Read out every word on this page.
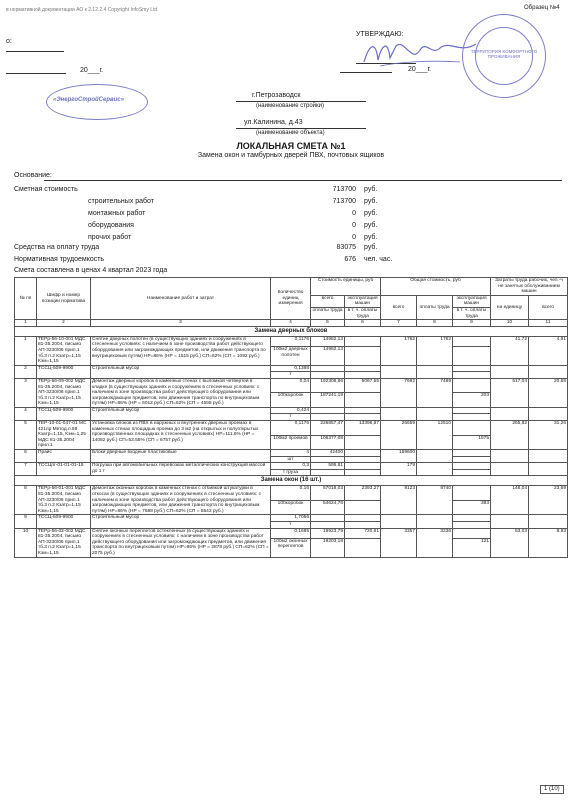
в нормативной документации АО к 2.12.2.4 Copyright InfoSmy Ltd.	Образец №4
о:
20___г.
УТВЕРЖДАЮ:
20___г.
«ЭнергоСтройСервис»
ТЕРРИТОРИЯ КОМФОРТНОГО ПРОЖИВАНИЯ
г.Петрозаводск
(наименование стройки)
ул.Калинина, д.43
(наименование объекта)
ЛОКАЛЬНАЯ СМЕТА №1
Замена окон и тамбурных дверей ПВХ, почтовых ящиков
Основание:
Сметная стоимость	713700 руб.
строительных работ	713700 руб.
монтажных работ	0 руб.
оборудования	0 руб.
прочих работ	0 руб.
Средства на оплату труда	83075 руб.
Нормативная трудоемкость	676 чел. час.
Смета составлена в ценах 4 квартал 2023 года
№ пп	Шифр и номер позиции норматива	Наименование работ и затрат	Количество единиц измерения	Стоимость единицы, руб		Общая стоимость, руб			Затраты труда рабочих, чел.-ч не занятых обслуживанием машин	
				всего	эксплуатация машин	всего	оплаты труда	эксплуатация машин	на единицу	всего
				оплаты труда	в т. ч. оплаты труда			в т. ч. оплаты труда		
1	2	3	4	5	6	7	8	9	10	11
Замена дверных блоков										
1	ТЕРр-56-10-001 МДС 81-35.2004, письмо АП-3230/06 прил.1 тб.3 п.2 Кзатр=1,15 Кэм=1,15	Снятие дверных полотен (в существующих зданиях и сооружениях в стесненных условиях: с наличием в зоне производства работ действующего оборудования или загромождающих предметов, или движения транспорта по внутрицеховым путям) НР=86% (НР = 1515 руб.) СП=62% (СП = 1092 руб.)	0,1176	14982,13		1762	1762		41,72	4,91
			100м2 дверных полотен	14982,13						
2	ТССЦ-509-9900	Строительный мусор	0,1388							
			т							
3	ТЕРр-56-09-002 МДС 81-35.2004, письмо АП-3230/06 прил.1 тб.3 п.2 Кзатр=1,15 Кэм=1,15	Демонтаж дверных коробок в каменных стенах с выломкой четвертей в кладке (в существующих зданиях и сооружениях в стесненных условиях: с наличием в зоне производства работ действующего оборудования или загромождающих предметов, или движения транспорта по внутрицеховым путям) НР=86% (НР = 6012 руб.) СП=62% (СП = 4595 руб.)	0,04	192308,86	5067,55	7692	7489		517,04	20,68
			100коробок	187241,19				203		
4	ТССЦ-509-9900	Строительный мусор	0,424							
			т							
5	ТЕР-10-01-047-01 МС 421пр Метод.п.58 Кзатр=1,15, Кэм=1,25 МДС 81-35.2004 прил.1	Установка блоков из ПВХ в наружных и внутренних дверных проемах в каменных стенах площадью проема до 3 м2 (на открытых и полуоткрытых производственных площадках в стесненных условиях) НР=111,6% (НР = 14082 руб.) СП=53,55% (СП = 6757 руб.)	0,1176	226857,47	13396,87	26659	12510		265,82	31,26
			100м2 проемов	106377,08				1575		
6	Прайс	Блоки дверные входные пластиковые	4	42400		169600				
			шт							
7	ТССЦпг-01-01-01-15	Погрузка при автомобильных перевозках металлических конструкций массой до 1 т	0,3	595,81		179				
			т груза							
Замена окон (16 шт.)										
8	ТЕРр-56-01-001 МДС 81-35.2004, письмо АП-3230/06 прил.1 тб.3 п.2 Кзатр=1,15 Кэм=1,15	Демонтаж оконных коробок в каменных стенах с отбивкой штукатурки в откосах (в существующих зданиях и сооружениях в стесненных условиях: с наличием в зоне производства работ действующего оборудования или загромождающих предметов, или движения транспорта по внутрицеховым путям) НР=86% (НР = 7688 руб.) СП=62% (СП = 5543 руб.)	0,16	57018,03	2393,27	9123	8740		148,04	23,69
			100коробок	54624,76				383		
9	ТССЦ-509-9900	Строительный мусор	1,7056							
			т							
10	ТЕРр-56-02-002 МДС 81-35.2004, письмо АП-3230/06 прил.1 тб.3 п.2 Кзатр=1,15 Кэм=1,15	Снятие оконных переплетов остекленных (в существующих зданиях и сооружениях в стесненных условиях: с наличием в зоне производства работ действующего оборудования или загромождающих предметов, или движения транспорта по внутрицеховым путям) НР=86% (НР = 2878 руб.) СП=62% (СП = 2075 руб.)	0,1685	19923,79	720,61	3357	3236		53,03	8,93
			100м2 оконных переплетов	19203,18				121		
1 (10)
